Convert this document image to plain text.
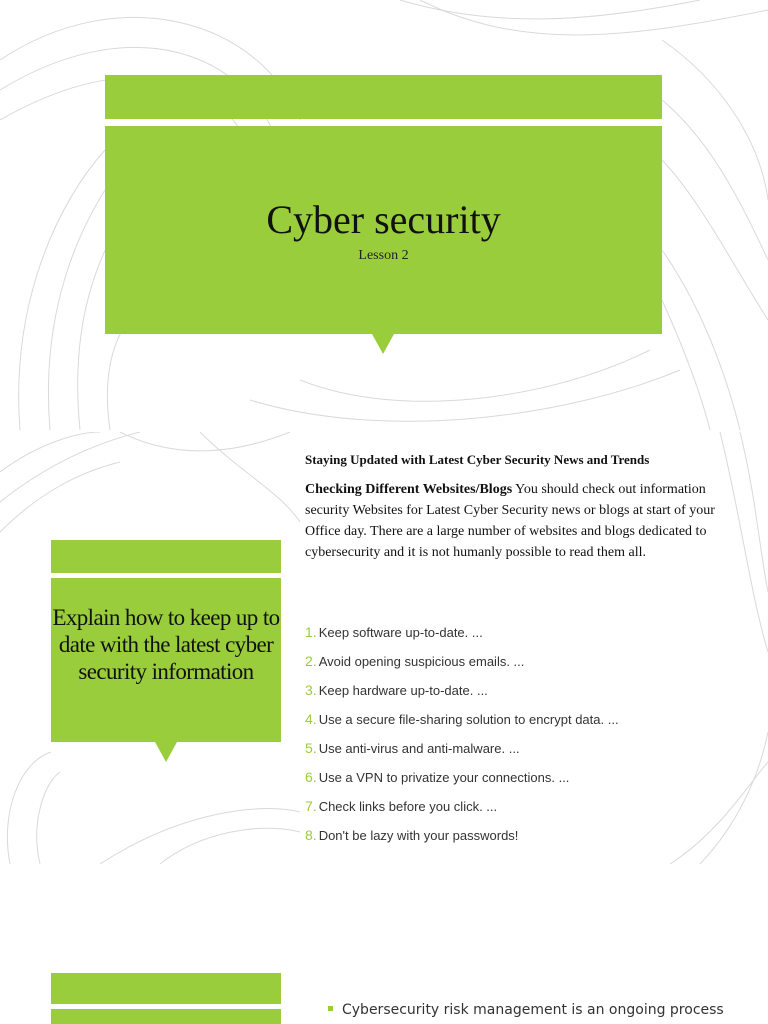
Cyber security
Lesson 2
Explain how to keep up to date with the latest cyber security information
Staying Updated with Latest Cyber Security News and Trends
Checking Different Websites/Blogs You should check out information security Websites for Latest Cyber Security news or blogs at start of your Office day. There are a large number of websites and blogs dedicated to cybersecurity and it is not humanly possible to read them all.
1. Keep software up-to-date. ...
2. Avoid opening suspicious emails. ...
3. Keep hardware up-to-date. ...
4. Use a secure file-sharing solution to encrypt data. ...
5. Use anti-virus and anti-malware. ...
6. Use a VPN to privatize your connections. ...
7. Check links before you click. ...
8. Don't be lazy with your passwords!
Cybersecurity risk management is an ongoing process
